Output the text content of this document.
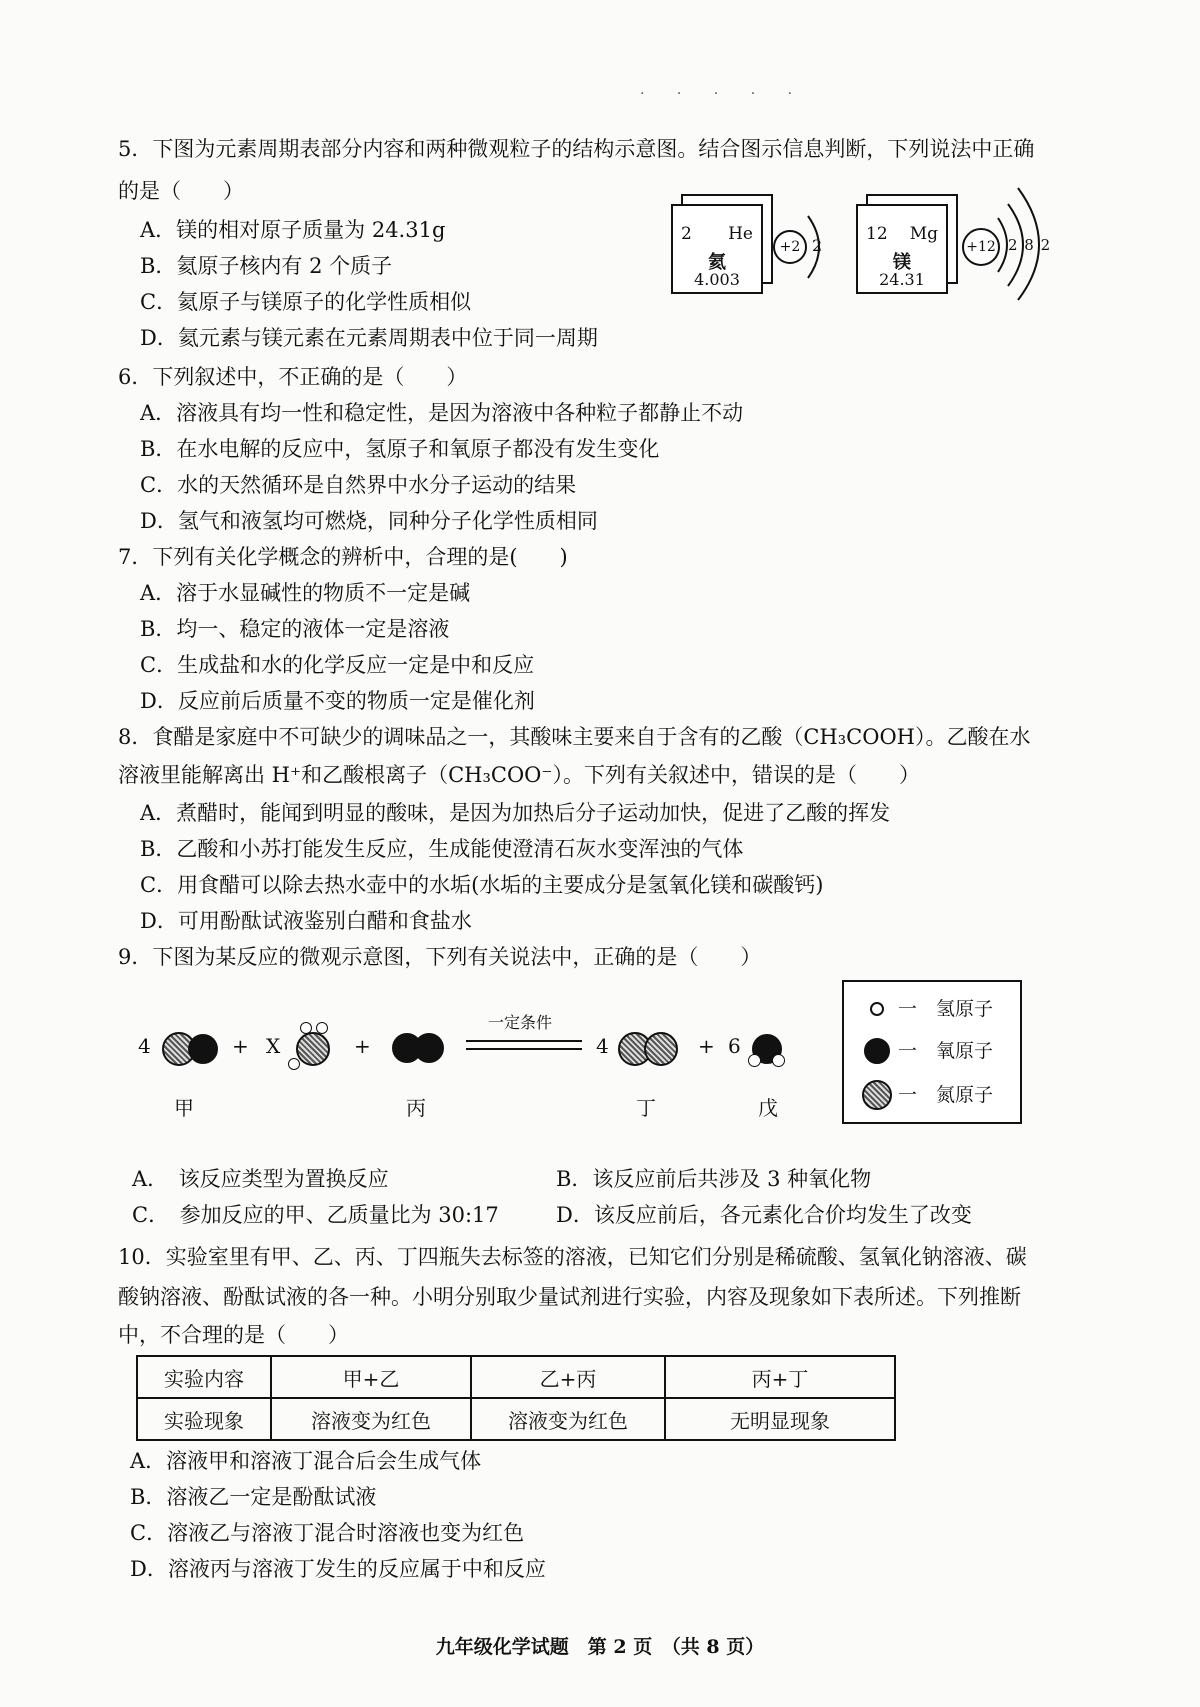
· · · · ·
5．下图为元素周期表部分内容和两种微观粒子的结构示意图。结合图示信息判断，下列说法中正确
的是（　　）
A．镁的相对原子质量为 24.31g
B．氦原子核内有 2 个质子
C．氦原子与镁原子的化学性质相似
D．氦元素与镁元素在元素周期表中位于同一周期
2 He
氦
4.003
+2 2
12 Mg
镁
24.31
+12 2 8 2
6．下列叙述中，不正确的是（　　）
A．溶液具有均一性和稳定性，是因为溶液中各种粒子都静止不动
B．在水电解的反应中，氢原子和氧原子都没有发生变化
C．水的天然循环是自然界中水分子运动的结果
D．氢气和液氢均可燃烧，同种分子化学性质相同
7．下列有关化学概念的辨析中，合理的是(　　)
A．溶于水显碱性的物质不一定是碱
B．均一、稳定的液体一定是溶液
C．生成盐和水的化学反应一定是中和反应
D．反应前后质量不变的物质一定是催化剂
8．食醋是家庭中不可缺少的调味品之一，其酸味主要来自于含有的乙酸（CH₃COOH）。乙酸在水
溶液里能解离出 H⁺和乙酸根离子（CH₃COO⁻）。下列有关叙述中，错误的是（　　）
A．煮醋时，能闻到明显的酸味，是因为加热后分子运动加快，促进了乙酸的挥发
B．乙酸和小苏打能发生反应，生成能使澄清石灰水变浑浊的气体
C．用食醋可以除去热水壶中的水垢(水垢的主要成分是氢氧化镁和碳酸钙)
D．可用酚酞试液鉴别白醋和食盐水
9．下图为某反应的微观示意图，下列有关说法中，正确的是（　　）
4	+ X	+
一定条件
4	+ 6
甲	丙	丁	戊
一　氢原子
一　氧原子
一　氮原子
A．　该反应类型为置换反应	B．该反应前后共涉及 3 种氧化物
C．　参加反应的甲、乙质量比为 30:17	D．该反应前后，各元素化合价均发生了改变
10．实验室里有甲、乙、丙、丁四瓶失去标签的溶液，已知它们分别是稀硫酸、氢氧化钠溶液、碳
酸钠溶液、酚酞试液的各一种。小明分别取少量试剂进行实验，内容及现象如下表所述。下列推断
中，不合理的是（　　）
实验内容	甲+乙	乙+丙	丙+丁
实验现象	溶液变为红色	溶液变为红色	无明显现象
A．溶液甲和溶液丁混合后会生成气体
B．溶液乙一定是酚酞试液
C．溶液乙与溶液丁混合时溶液也变为红色
D．溶液丙与溶液丁发生的反应属于中和反应
九年级化学试题　第 2 页　（共 8 页）
